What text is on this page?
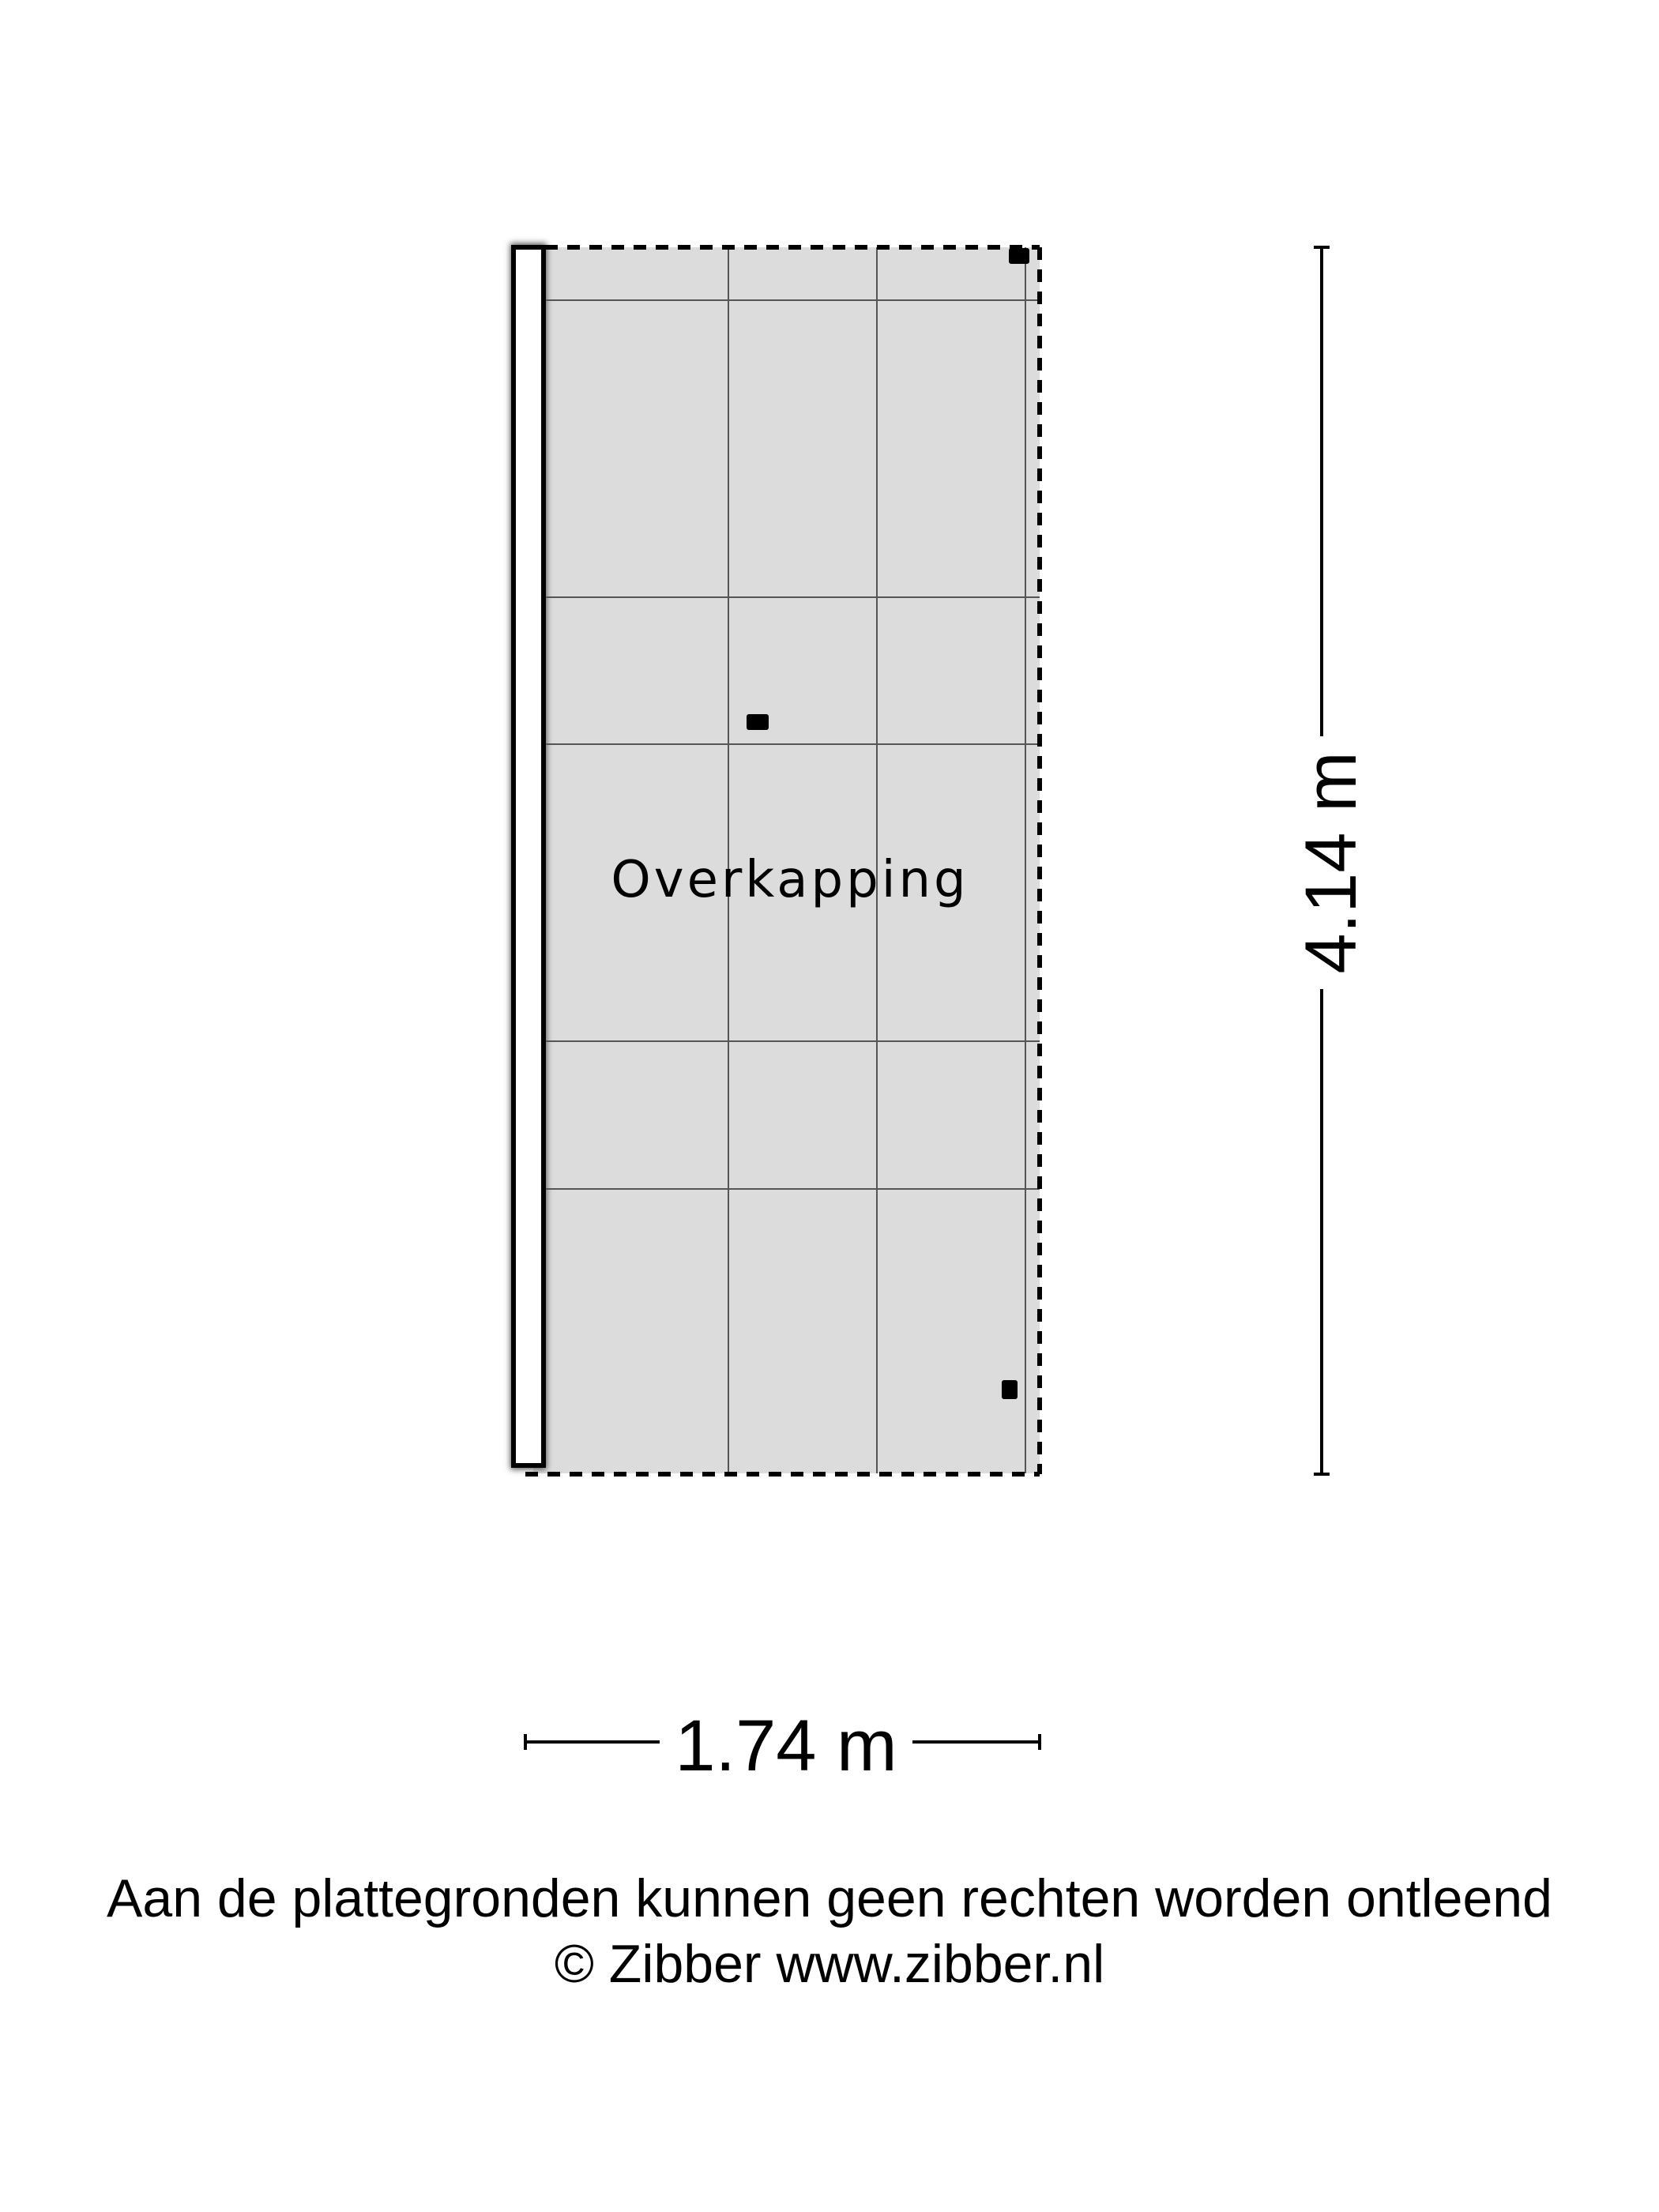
Overkapping	4.14 m
1.74 m
Aan de plattegronden kunnen geen rechten worden ontleend
© Zibber www.zibber.nl
